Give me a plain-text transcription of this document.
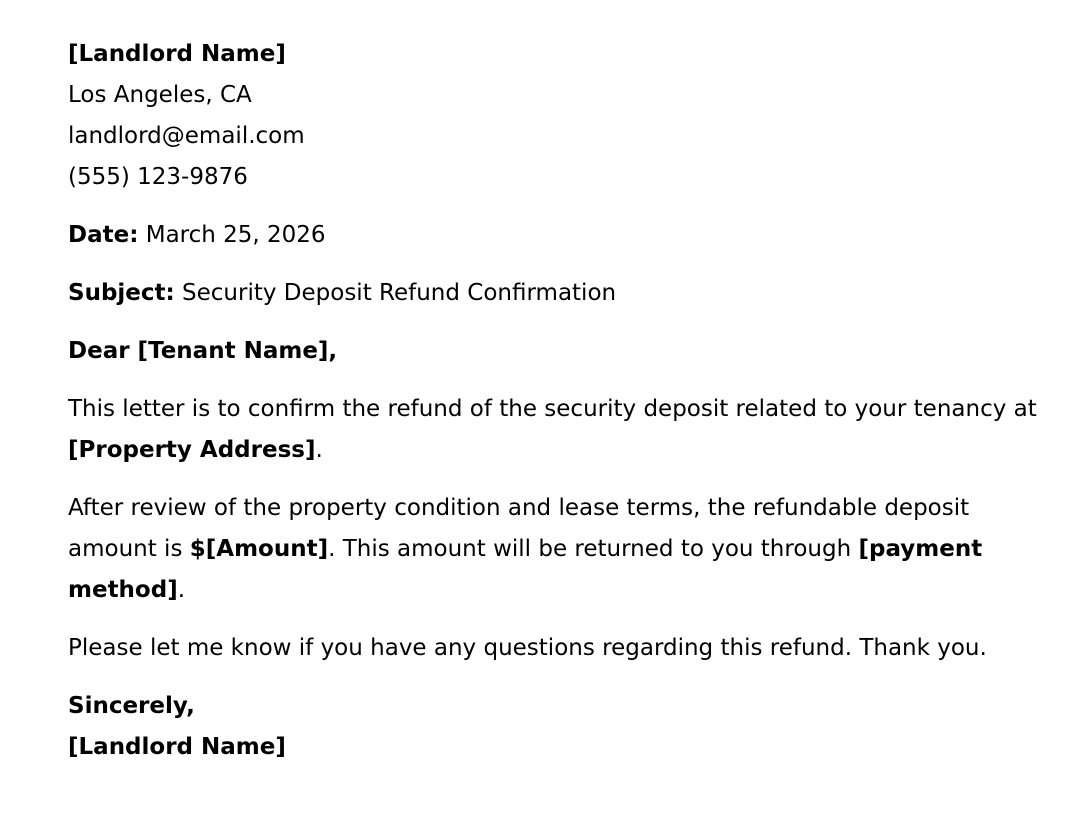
[Landlord Name]

Los Angeles, CA

landlord@email.com

(555) 123-9876

Date: March 25, 2026

Subject: Security Deposit Refund Confirmation

Dear [Tenant Name],

This letter is to confirm the refund of the security deposit related to your tenancy at [Property Address].

After review of the property condition and lease terms, the refundable deposit amount is $[Amount]. This amount will be returned to you through [payment method].

Please let me know if you have any questions regarding this refund. Thank you.

Sincerely,

[Landlord Name]
